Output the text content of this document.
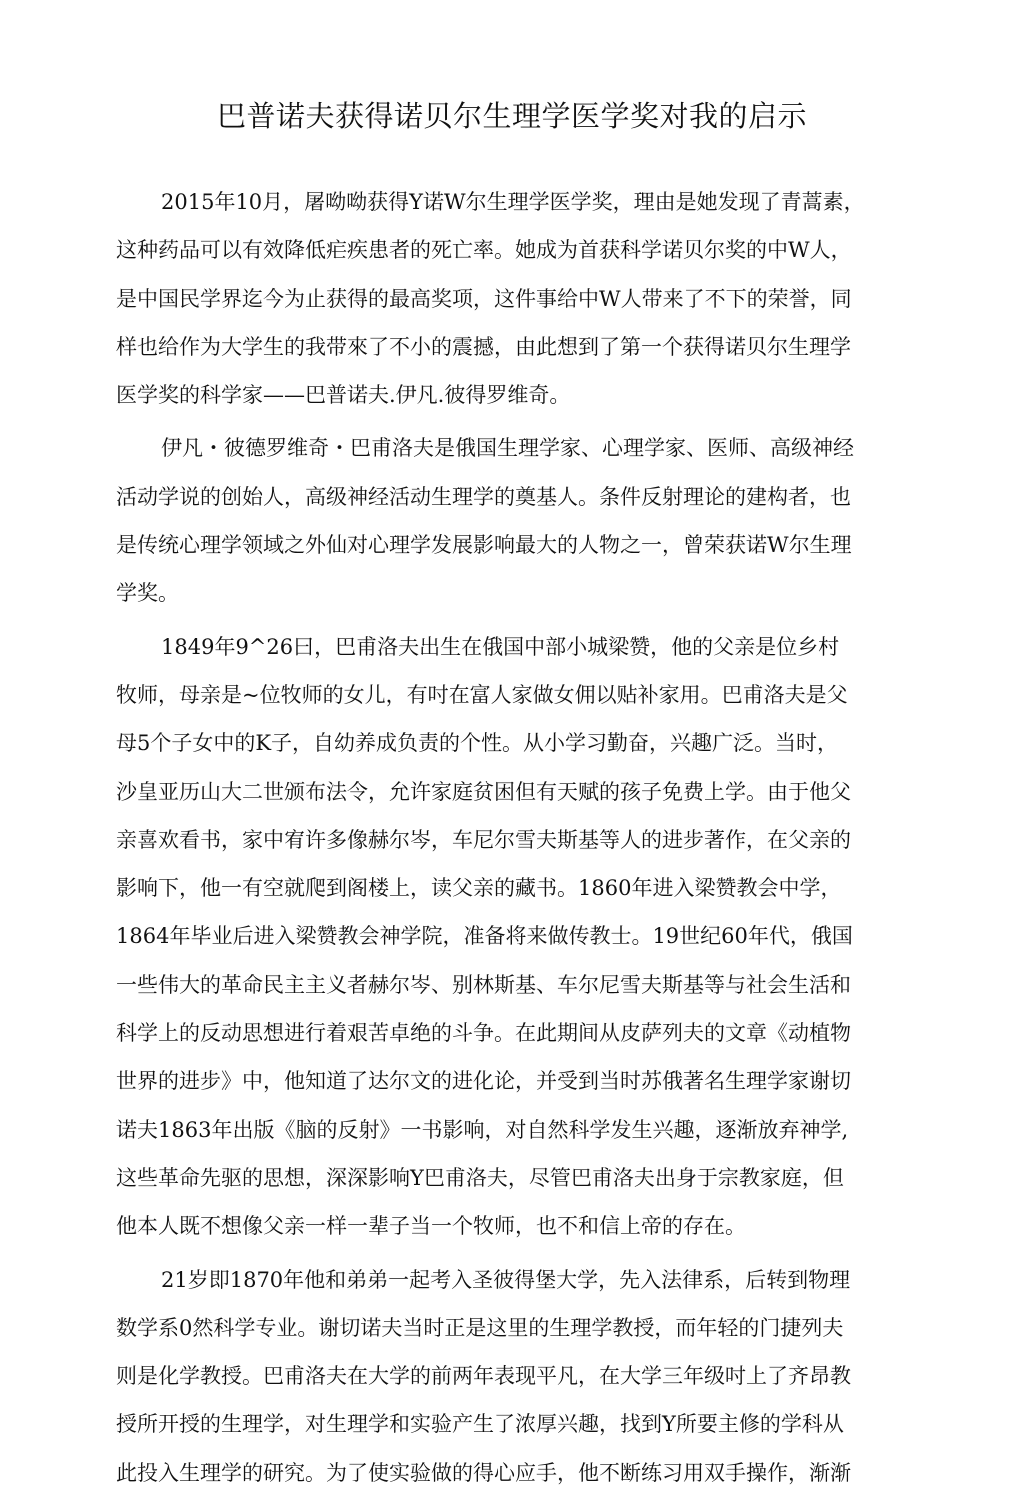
巴普诺夫获得诺贝尔生理学医学奖对我的启示

2015年10月，屠呦呦获得Y诺W尔生理学医学奖，理由是她发现了青蒿素，
这种药品可以有效降低疟疾患者的死亡率。她成为首获科学诺贝尔奖的中W人，
是中国民学界迄今为止获得的最高奖项，这件事给中W人带来了不下的荣誉，同
样也给作为大学生的我带來了不小的震撼，由此想到了第一个获得诺贝尔生理学
医学奖的科学家——巴普诺夫.伊凡.彼得罗维奇。

伊凡・彼德罗维奇・巴甫洛夫是俄国生理学家、心理学家、医师、高级神经
活动学说的创始人，高级神经活动生理学的奠基人。条件反射理论的建构者，也
是传统心理学领域之外仙对心理学发展影响最大的人物之一，曾荣获诺W尔生理
学奖。

1849年9^26曰，巴甫洛夫出生在俄国中部小城梁赞，他的父亲是位乡村
牧师，母亲是~位牧师的女儿，有吋在富人家做女佣以贴补家用。巴甫洛夫是父
母5个子女中的K子，自幼养成负责的个性。从小学习勤奋，兴趣广泛。当时，
沙皇亚历山大二世颁布法令，允许家庭贫困但有天赋的孩子免费上学。由于他父
亲喜欢看书，家中宥许多像赫尔岑，车尼尔雪夫斯基等人的进步著作，在父亲的
影响下，他一有空就爬到阁楼上，读父亲的藏书。1860年进入梁赞教会中学，
1864年毕业后进入梁赞教会神学院，准备将来做传教士。19世纪60年代，俄国
一些伟大的革命民主主义者赫尔岑、别林斯基、车尔尼雪夫斯基等与社会生活和
科学上的反动思想进行着艰苦卓绝的斗争。在此期间从皮萨列夫的文章《动植物
世界的进步》中，他知道了达尔文的进化论，并受到当时苏俄著名生理学家谢切
诺夫1863年出版《脑的反射》一书影响，对自然科学发生兴趣，逐渐放弃神学,
这些革命先驱的思想，深深影响Y巴甫洛夫，尽管巴甫洛夫出身于宗教家庭，但
他本人既不想像父亲一样一辈子当一个牧师，也不和信上帝的存在。

21岁即1870年他和弟弟一起考入圣彼得堡大学，先入法律系，后转到物理
数学系0然科学专业。谢切诺夫当时正是这里的生理学教授，而年轻的门捷列夫
则是化学教授。巴甫洛夫在大学的前两年表现平凡，在大学三年级吋上了齐昂教
授所开授的生理学，对生理学和实验产生了浓厚兴趣，找到Y所要主修的学科从
此投入生理学的研究。为了使实验做的得心应手，他不断练习用双手操作，渐渐
